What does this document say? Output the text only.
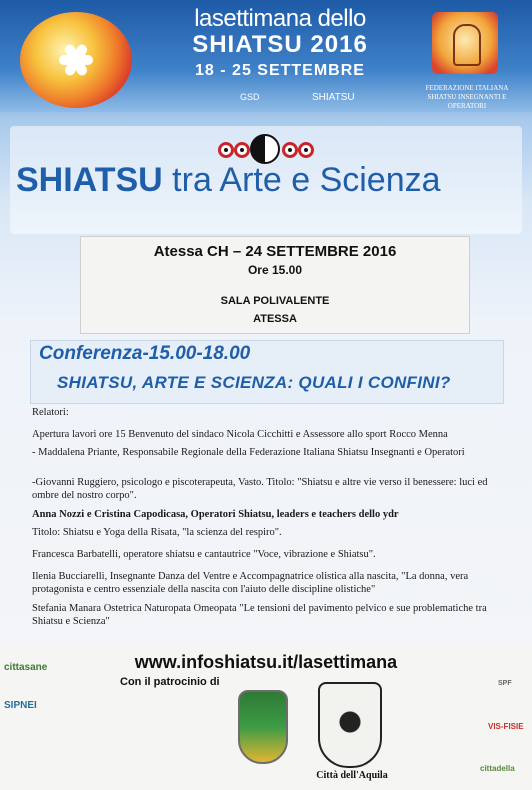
lasettimana dello
SHIATSU 2016
18 - 25 SETTEMBRE
GSD	SHIATSU
FEDERAZIONE ITALIANA SHIATSU INSEGNANTI E OPERATORI
SHIATSU tra Arte e Scienza
Atessa CH – 24 SETTEMBRE 2016
Ore 15.00
SALA POLIVALENTE
ATESSA
Conferenza-15.00-18.00
SHIATSU, ARTE E SCIENZA: QUALI I CONFINI?
Relatori:
Apertura lavori ore 15 Benvenuto del sindaco Nicola Cicchitti e Assessore allo sport Rocco Menna
- Maddalena Priante, Responsabile Regionale della Federazione Italiana Shiatsu Insegnanti e Operatori
-Giovanni Ruggiero, psicologo e piscoterapeuta, Vasto. Titolo: "Shiatsu e altre vie verso il benessere: luci ed ombre del nostro corpo".
Anna Nozzi e Cristina Capodicasa, Operatori Shiatsu, leaders e teachers dello ydr
Titolo: Shiatsu e Yoga della Risata, "la scienza del respiro".
Francesca Barbatelli, operatore shiatsu e cantautrice "Voce, vibrazione e Shiatsu".
Ilenia Bucciarelli, Insegnante Danza del Ventre e Accompagnatrice olistica alla nascita, "La donna, vera protagonista e centro essenziale della nascita con l'aiuto delle discipline olistiche"
Stefania Manara Ostetrica Naturopata Omeopata "Le tensioni del pavimento pelvico e sue problematiche tra Shiatsu e Scienza"
www.infoshiatsu.it/lasettimana
Con il patrocinio di
cittasane
SIPNEI
Città dell'Aquila
SPF
VIS-FISIE
cittadella
